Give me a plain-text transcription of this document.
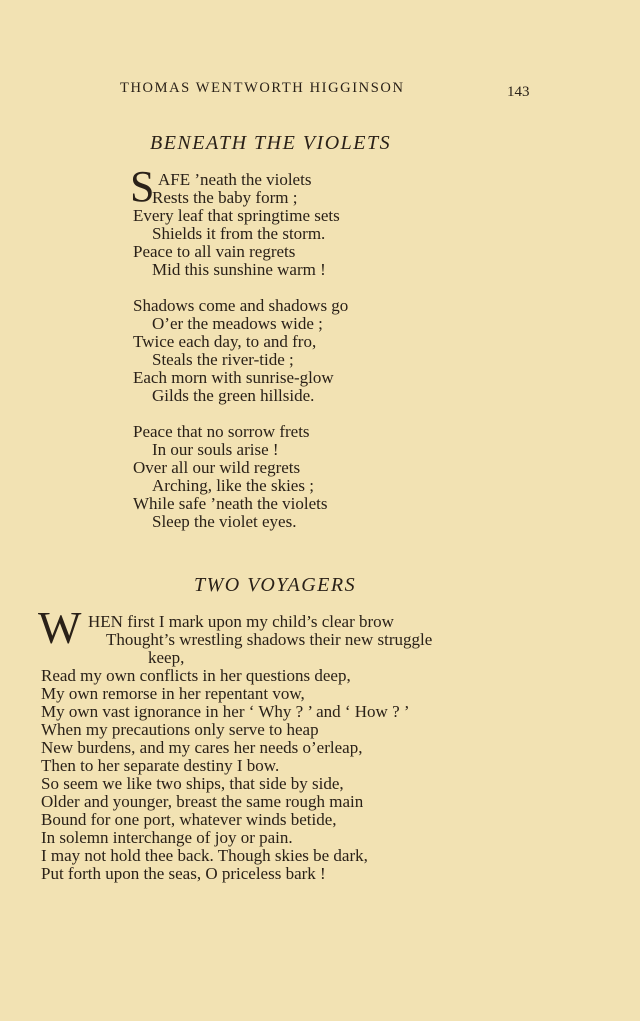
THOMAS WENTWORTH HIGGINSON	143
BENEATH THE VIOLETS
S AFE ’neath the violets
Rests the baby form ;
Every leaf that springtime sets
Shields it from the storm.
Peace to all vain regrets
Mid this sunshine warm !
Shadows come and shadows go
O’er the meadows wide ;
Twice each day, to and fro,
Steals the river-tide ;
Each morn with sunrise-glow
Gilds the green hillside.
Peace that no sorrow frets
In our souls arise !
Over all our wild regrets
Arching, like the skies ;
While safe ’neath the violets
Sleep the violet eyes.
TWO VOYAGERS
W HEN first I mark upon my child’s clear brow
Thought’s wrestling shadows their new struggle
keep,
Read my own conflicts in her questions deep,
My own remorse in her repentant vow,
My own vast ignorance in her ‘ Why ? ’ and ‘ How ? ’
When my precautions only serve to heap
New burdens, and my cares her needs o’erleap,
Then to her separate destiny I bow.
So seem we like two ships, that side by side,
Older and younger, breast the same rough main
Bound for one port, whatever winds betide,
In solemn interchange of joy or pain.
I may not hold thee back. Though skies be dark,
Put forth upon the seas, O priceless bark !
